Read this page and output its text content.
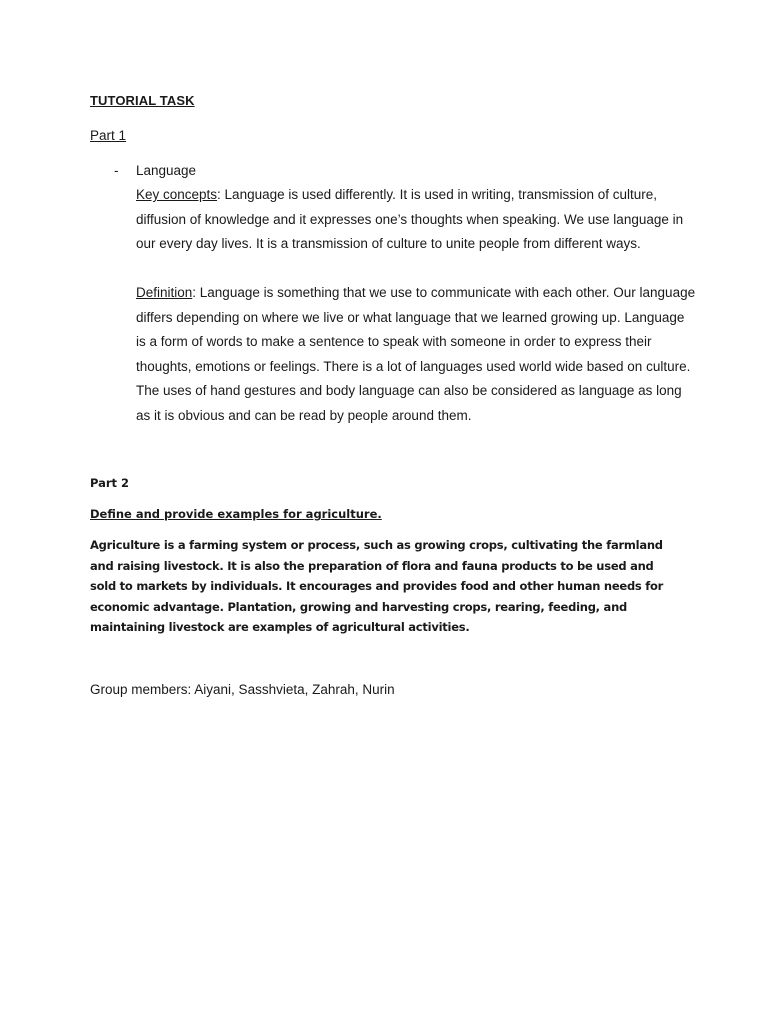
TUTORIAL TASK
Part 1
- Language

Key concepts: Language is used differently. It is used in writing, transmission of culture, diffusion of knowledge and it expresses one’s thoughts when speaking. We use language in our every day lives. It is a transmission of culture to unite people from different ways.

Definition: Language is something that we use to communicate with each other. Our language differs depending on where we live or what language that we learned growing up. Language is a form of words to make a sentence to speak with someone in order to express their thoughts, emotions or feelings. There is a lot of languages used world wide based on culture. The uses of hand gestures and body language can also be considered as language as long as it is obvious and can be read by people around them.

Part 2
Define and provide examples for agriculture.

Agriculture is a farming system or process, such as growing crops, cultivating the farmland and raising livestock. It is also the preparation of flora and fauna products to be used and sold to markets by individuals. It encourages and provides food and other human needs for economic advantage. Plantation, growing and harvesting crops, rearing, feeding, and maintaining livestock are examples of agricultural activities.

Group members: Aiyani, Sasshvieta, Zahrah, Nurin
